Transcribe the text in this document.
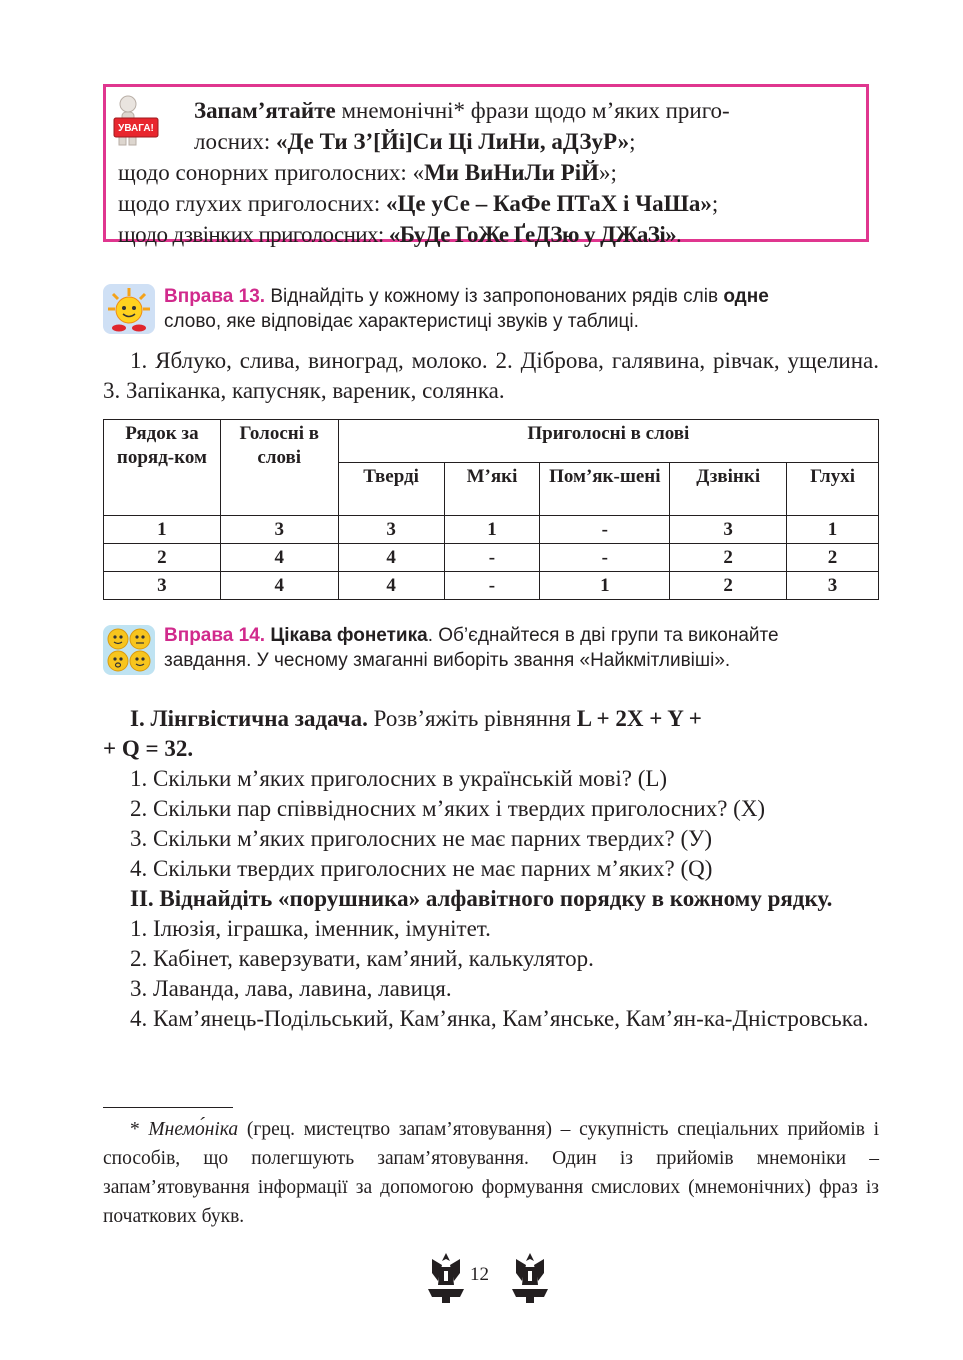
УВАГА!

Запам’ятайте мнемонічні* фрази щодо м’яких приго-

лосних: «Де Ти З’[Йі]Си Ці ЛиНи, аДЗуР»;

щодо сонорних приголосних: «Ми ВиНиЛи РіЙ»;

щодо глухих приголосних: «Це уСе – КаФе ПТаХ і ЧаШа»;

щодо дзвінких приголосних: «БуДе ГоЖе ҐеДЗю у ДЖаЗі».

Вправа 13. Віднайдіть у кожному із запропонованих рядів слів одне
слово, яке відповідає характеристиці звуків у таблиці.

1. Яблуко, слива, виноград, молоко. 2. Діброва, галявина, рівчак, ущелина. 3. Запіканка, капусняк, вареник, солянка.

Рядок за поряд-ком	Голосні в слові	Приголосні в слові				
		Тверді	М’які	Пом’як-шені	Дзвінкі	Глухі
1	3	3	1	-	3	1
2	4	4	-	-	2	2
3	4	4	-	1	2	3
Вправа 14. Цікава фонетика. Об’єднайтеся в дві групи та виконайте
завдання. У чесному змаганні виборіть звання «Найкмітливіші».

І. Лінгвістична задача. Розв’яжіть рівняння L + 2X + Y +

+ Q = 32.

1. Скільки м’яких приголосних в українській мові? (L)

2. Скільки пар співвідносних м’яких і твердих приголосних? (X)

3. Скільки м’яких приголосних не має парних твердих? (У)

4. Скільки твердих приголосних не має парних м’яких? (Q)

ІІ. Віднайдіть «порушника» алфавітного порядку в кожному рядку.

1. Ілюзія, іграшка, іменник, імунітет.

2. Кабінет, каверзувати, кам’яний, калькулятор.

3. Лаванда, лава, лавина, лавиця.

4. Кам’янець-Подільський, Кам’янка, Кам’янське, Кам’ян-ка-Дністровська.

* Мнемо́ніка (грец. мистецтво запам’ятовування) – сукупність спеціальних прийомів і способів, що полегшують запам’ятовування. Один із прийомів мнемоніки – запам’ятовування інформації за допомогою формування смислових (мнемонічних) фраз із початкових букв.

12
